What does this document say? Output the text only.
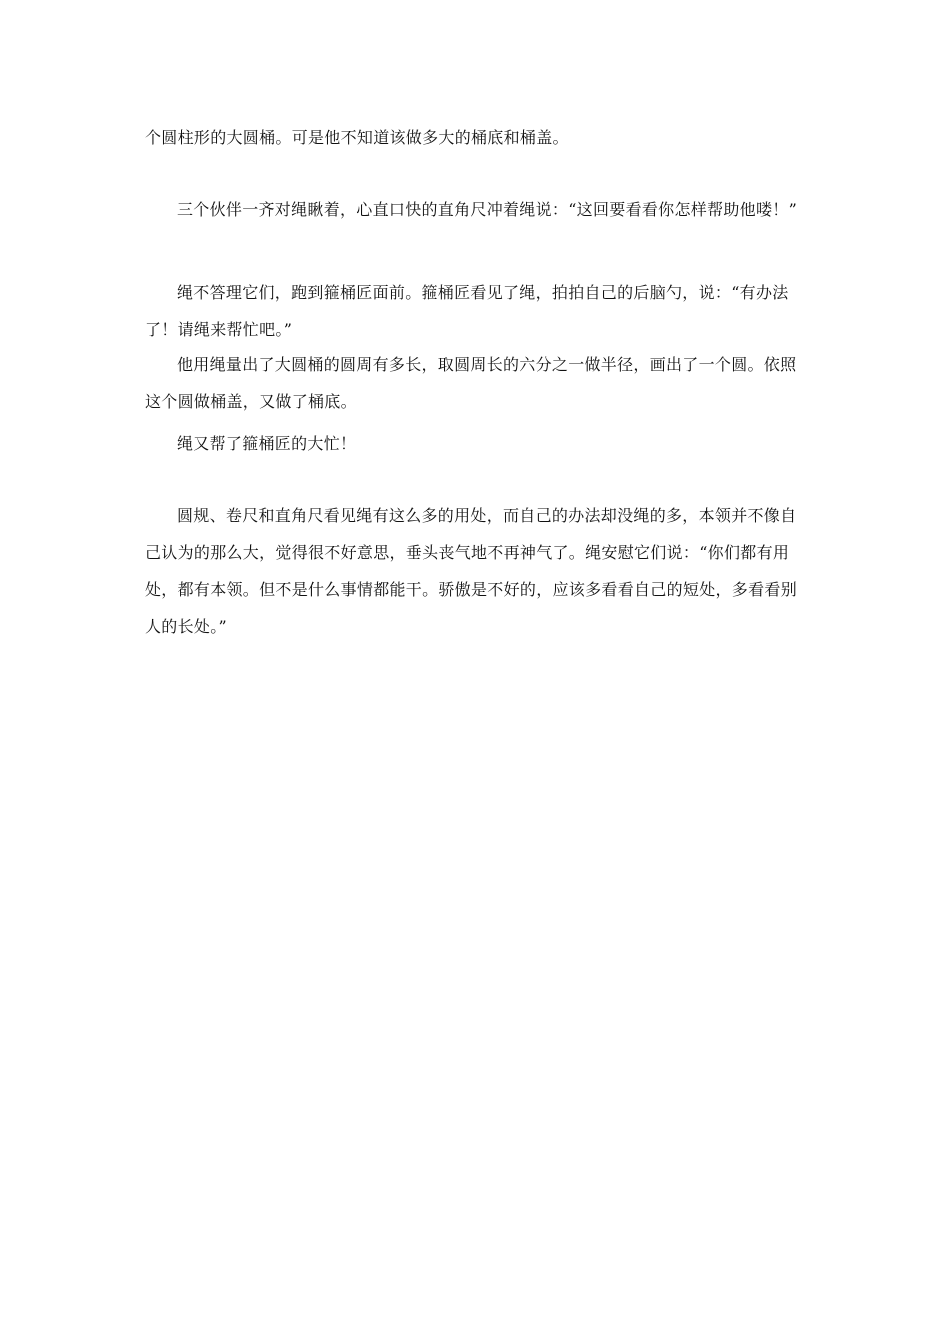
个圆柱形的大圆桶。可是他不知道该做多大的桶底和桶盖。

三个伙伴一齐对绳瞅着，心直口快的直角尺冲着绳说：“这回要看看你怎样帮助他喽！”

绳不答理它们，跑到箍桶匠面前。箍桶匠看见了绳，拍拍自己的后脑勺，说：“有办法了！请绳来帮忙吧。”

他用绳量出了大圆桶的圆周有多长，取圆周长的六分之一做半径，画出了一个圆。依照这个圆做桶盖，又做了桶底。

绳又帮了箍桶匠的大忙！

圆规、卷尺和直角尺看见绳有这么多的用处，而自己的办法却没绳的多，本领并不像自己认为的那么大，觉得很不好意思，垂头丧气地不再神气了。绳安慰它们说：“你们都有用处，都有本领。但不是什么事情都能干。骄傲是不好的，应该多看看自己的短处，多看看别人的长处。”
